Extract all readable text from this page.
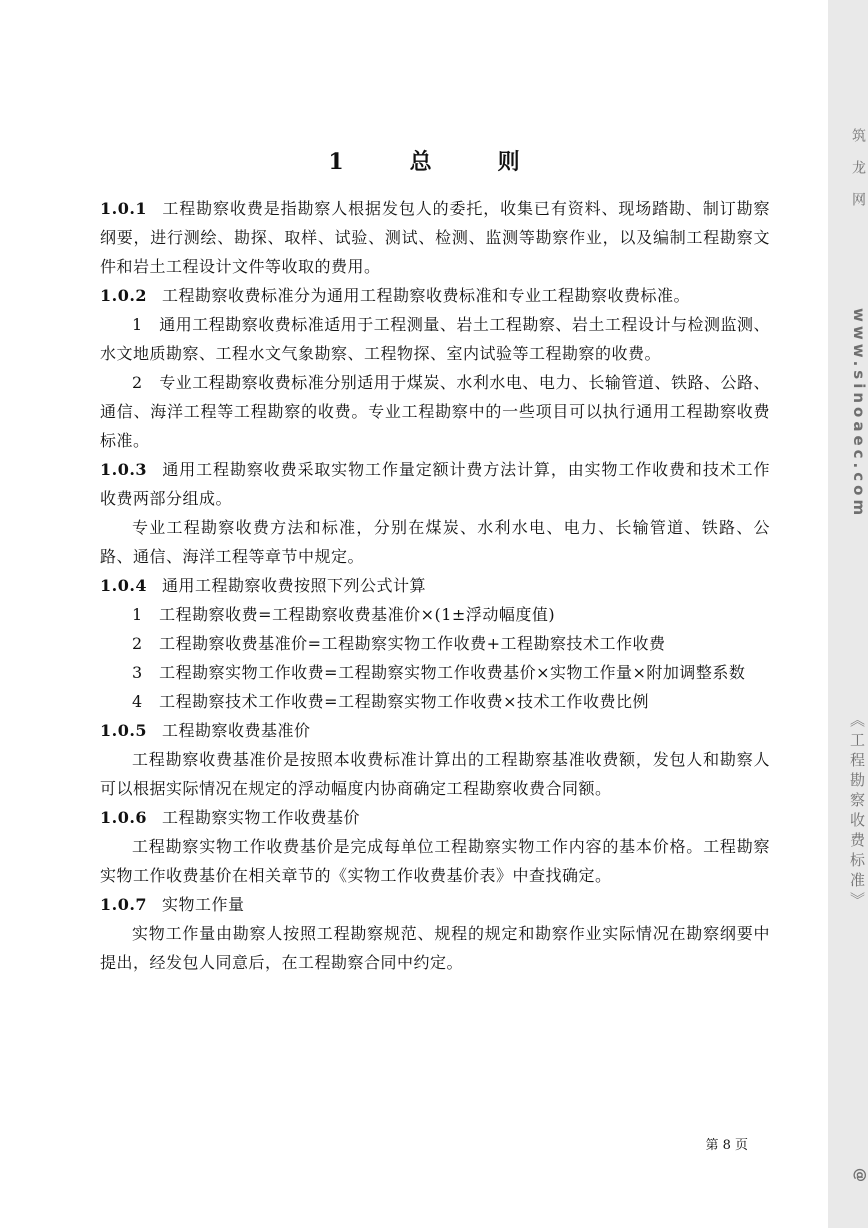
1　总　则

1.0.1 工程勘察收费是指勘察人根据发包人的委托，收集已有资料、现场踏勘、制订勘察纲要，进行测绘、勘探、取样、试验、测试、检测、监测等勘察作业，以及编制工程勘察文件和岩土工程设计文件等收取的费用。

1.0.2 工程勘察收费标准分为通用工程勘察收费标准和专业工程勘察收费标准。

1　通用工程勘察收费标准适用于工程测量、岩土工程勘察、岩土工程设计与检测监测、水文地质勘察、工程水文气象勘察、工程物探、室内试验等工程勘察的收费。

2　专业工程勘察收费标准分别适用于煤炭、水利水电、电力、长输管道、铁路、公路、通信、海洋工程等工程勘察的收费。专业工程勘察中的一些项目可以执行通用工程勘察收费标准。

1.0.3 通用工程勘察收费采取实物工作量定额计费方法计算，由实物工作收费和技术工作收费两部分组成。

专业工程勘察收费方法和标准，分别在煤炭、水利水电、电力、长输管道、铁路、公路、通信、海洋工程等章节中规定。

1.0.4 通用工程勘察收费按照下列公式计算

1　工程勘察收费=工程勘察收费基准价×(1±浮动幅度值)

2　工程勘察收费基准价=工程勘察实物工作收费+工程勘察技术工作收费

3　工程勘察实物工作收费=工程勘察实物工作收费基价×实物工作量×附加调整系数

4　工程勘察技术工作收费=工程勘察实物工作收费×技术工作收费比例

1.0.5 工程勘察收费基准价

工程勘察收费基准价是按照本收费标准计算出的工程勘察基准收费额，发包人和勘察人可以根据实际情况在规定的浮动幅度内协商确定工程勘察收费合同额。

1.0.6 工程勘察实物工作收费基价

工程勘察实物工作收费基价是完成每单位工程勘察实物工作内容的基本价格。工程勘察实物工作收费基价在相关章节的《实物工作收费基价表》中查找确定。

1.0.7 实物工作量

实物工作量由勘察人按照工程勘察规范、规程的规定和勘察作业实际情况在勘察纲要中提出，经发包人同意后，在工程勘察合同中约定。

第 8 页
筑龙网
www.sinoaec.com
《工程勘察收费标准》
@
